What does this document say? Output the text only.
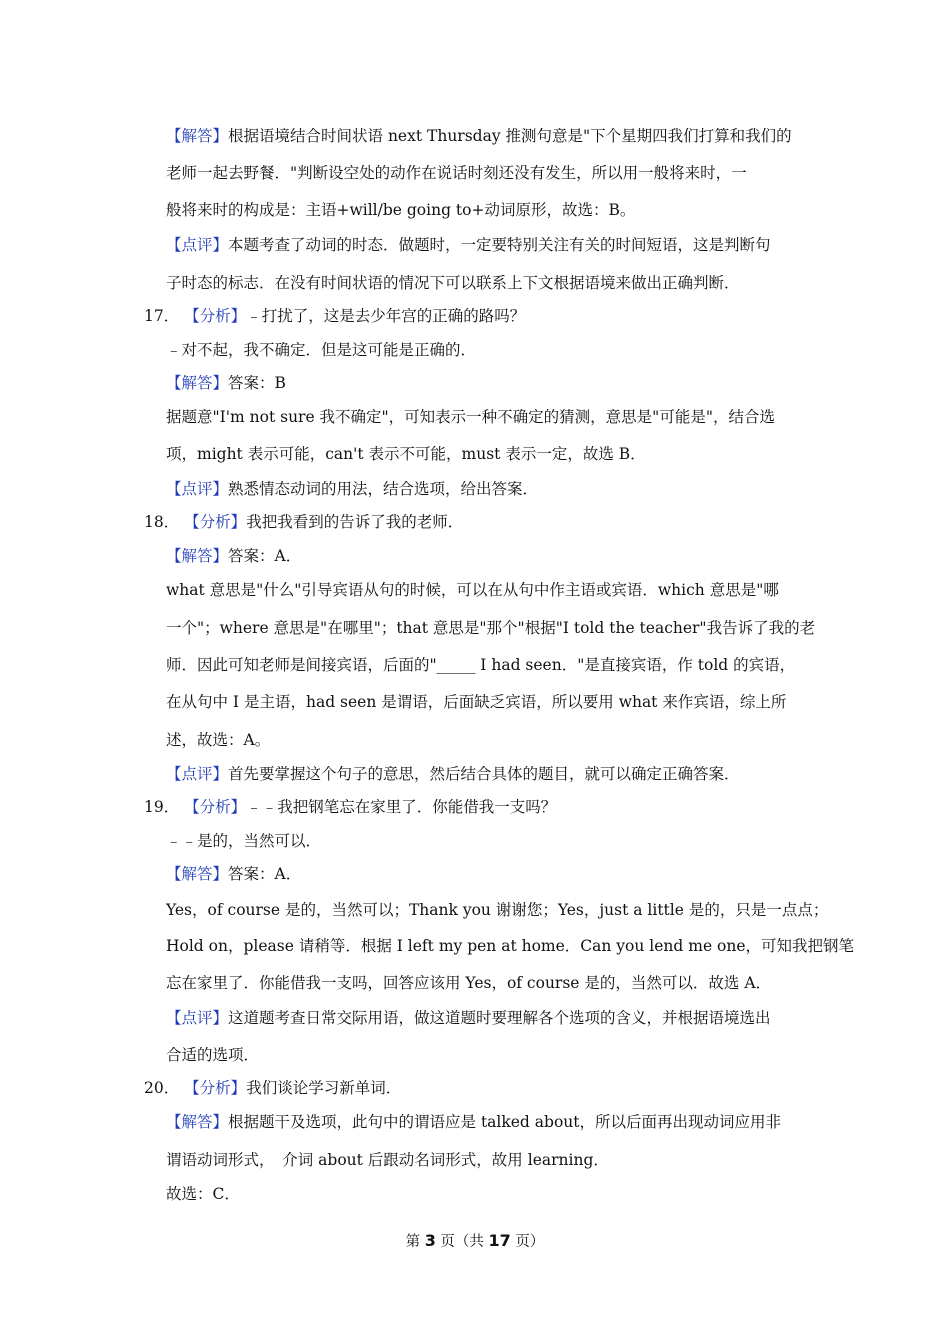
【解答】根据语境结合时间状语 next Thursday 推测句意是"下个星期四我们打算和我们的
老师一起去野餐．"判断设空处的动作在说话时刻还没有发生，所以用一般将来时，一
般将来时的构成是：主语+will/be going to+动词原形，故选：B。
【点评】本题考查了动词的时态．做题时，一定要特别关注有关的时间短语，这是判断句
子时态的标志．在没有时间状语的情况下可以联系上下文根据语境来做出正确判断．
17． 【分析】﹣打扰了，这是去少年宫的正确的路吗？
﹣对不起，我不确定．但是这可能是正确的．
【解答】答案：B
据题意"I'm not sure 我不确定"，可知表示一种不确定的猜测，意思是"可能是"，结合选
项，might 表示可能，can't 表示不可能，must 表示一定，故选 B．
【点评】熟悉情态动词的用法，结合选项，给出答案．
18． 【分析】我把我看到的告诉了我的老师．
【解答】答案：A．
what 意思是"什么"引导宾语从句的时候，可以在从句中作主语或宾语．which 意思是"哪
一个"；where 意思是"在哪里"；that 意思是"那个"根据"I told the teacher"我告诉了我的老
师．因此可知老师是间接宾语，后面的"_____ I had seen．"是直接宾语，作 told 的宾语，
在从句中 I 是主语，had seen 是谓语，后面缺乏宾语，所以要用 what 来作宾语，综上所
述，故选：A。
【点评】首先要掌握这个句子的意思，然后结合具体的题目，就可以确定正确答案．
19． 【分析】﹣﹣我把钢笔忘在家里了．你能借我一支吗？
﹣﹣是的，当然可以．
【解答】答案：A．
Yes，of course 是的，当然可以；Thank you 谢谢您；Yes，just a little 是的，只是一点点；
Hold on，please 请稍等．根据 I left my pen at home．Can you lend me one，可知我把钢笔
忘在家里了．你能借我一支吗，回答应该用 Yes，of course 是的，当然可以．故选 A．
【点评】这道题考查日常交际用语，做这道题时要理解各个选项的含义，并根据语境选出
合适的选项．
20． 【分析】我们谈论学习新单词．
【解答】根据题干及选项，此句中的谓语应是 talked about，所以后面再出现动词应用非
谓语动词形式，　介词 about 后跟动名词形式，故用 learning．
故选：C．
第 3 页（共 17 页）
